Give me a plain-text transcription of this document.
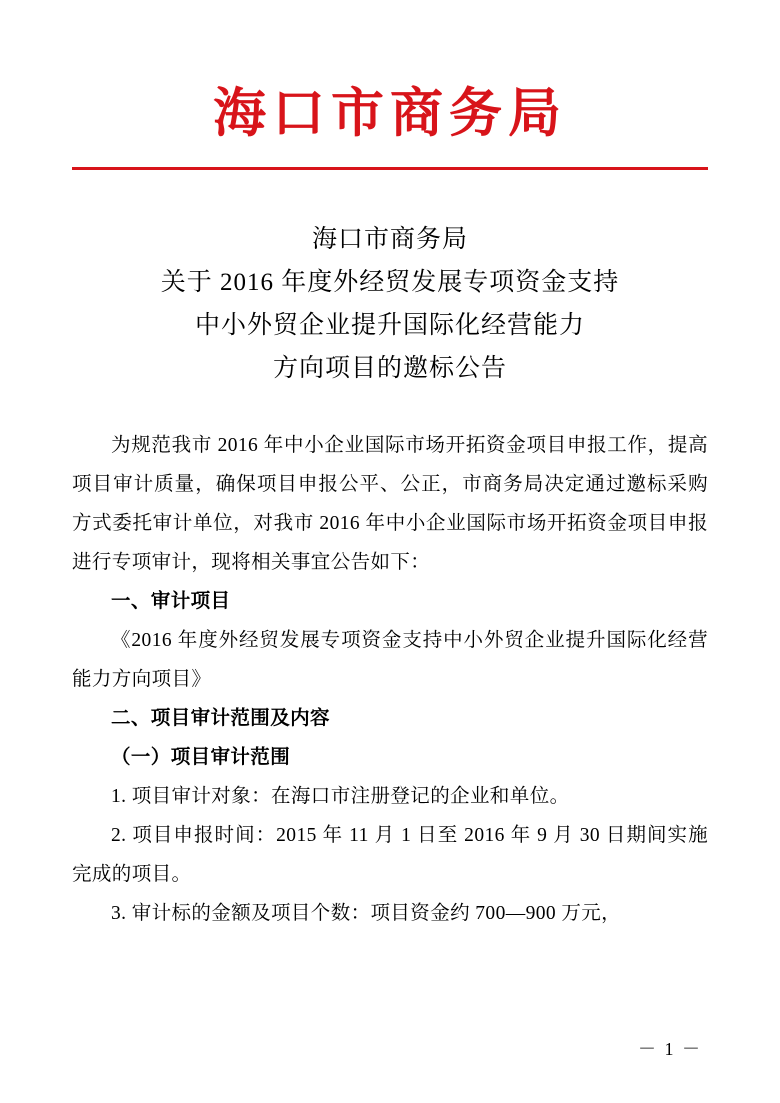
海口市商务局
海口市商务局
关于 2016 年度外经贸发展专项资金支持
中小外贸企业提升国际化经营能力
方向项目的邀标公告

为规范我市 2016 年中小企业国际市场开拓资金项目申报工作，提高项目审计质量，确保项目申报公平、公正，市商务局决定通过邀标采购方式委托审计单位，对我市 2016 年中小企业国际市场开拓资金项目申报进行专项审计，现将相关事宜公告如下：

一、审计项目

《2016 年度外经贸发展专项资金支持中小外贸企业提升国际化经营能力方向项目》

二、项目审计范围及内容

（一）项目审计范围

1. 项目审计对象：在海口市注册登记的企业和单位。

2. 项目申报时间：2015 年 11 月 1 日至 2016 年 9 月 30 日期间实施完成的项目。

3. 审计标的金额及项目个数：项目资金约 700—900 万元，

－ 1 －
